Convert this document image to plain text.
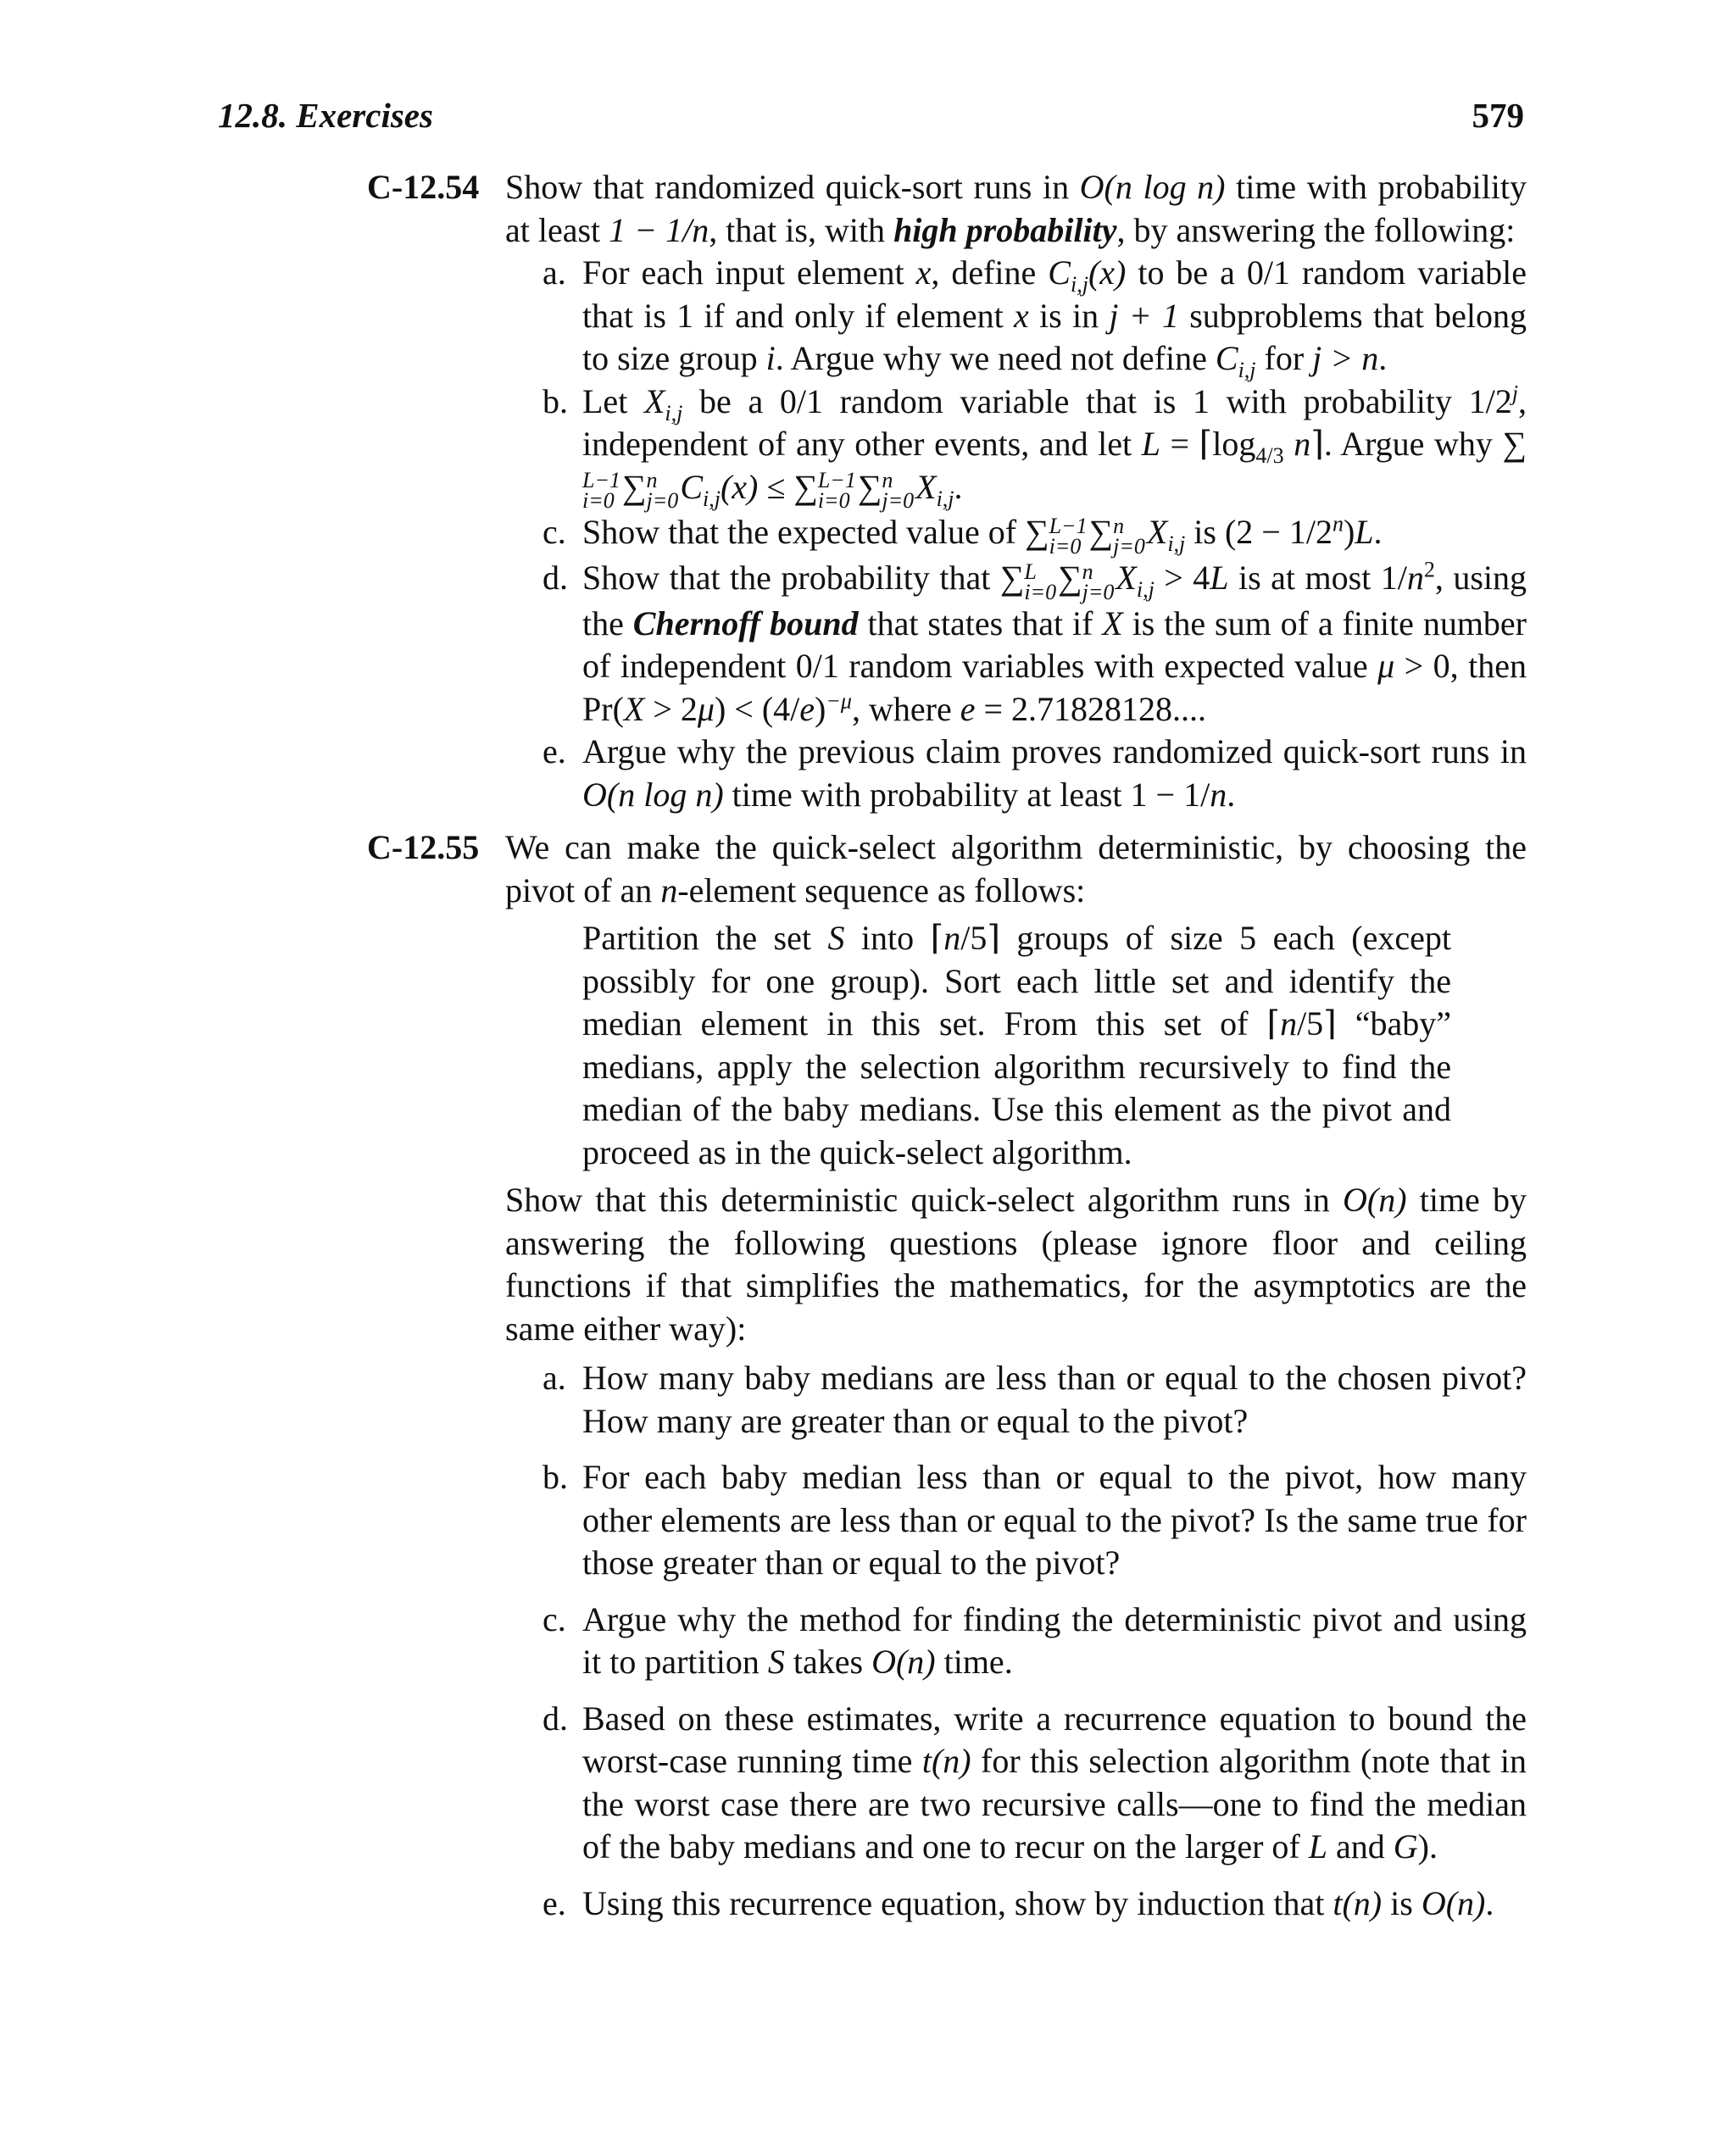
12.8. Exercises	579
C-12.54 Show that randomized quick-sort runs in O(n log n) time with probability at least 1 − 1/n, that is, with high probability, by answering the following:
a. For each input element x, define $C_{i,j}(x)$ to be a 0/1 random variable that is 1 if and only if element x is in j + 1 subproblems that belong to size group i. Argue why we need not define $C_{i,j}$ for j > n.
b. Let $X_{i,j}$ be a 0/1 random variable that is 1 with probability 1/2$^j$, independent of any other events, and let $L = ⌈\log_{4/3}$ n⌉. Argue why ∑
L−1
i=0 ∑ n
j=0 $C_{i,j}(x)$ ≤ ∑ L−1
i=0 ∑ n
j=0 $X_{i,j}$.
c. Show that the expected value of ∑ L−1
i=0 ∑ n
j=0 $X_{i,j}$ is $(2 - 1/2^n)L$.
d. Show that the probability that ∑ L
i=0 ∑ n
j=0 $X_{i,j} > 4L$ is at most $1/n^2$, using the Chernoff bound that states that if X is the sum of a finite number of independent 0/1 random variables with expected value μ > 0, then $Pr(X > 2\mu) < (4/e)^{-\mu}$, where e = 2.71828128....
e. Argue why the previous claim proves randomized quick-sort runs in O(n log n) time with probability at least 1 − 1/n.
C-12.55 We can make the quick-select algorithm deterministic, by choosing the pivot of an n-element sequence as follows:
Partition the set S into ⌈n/5⌉ groups of size 5 each (except possibly for one group). Sort each little set and identify the median element in this set. From this set of ⌈n/5⌉ “baby” medians, apply the selection algorithm recursively to find the median of the baby medians. Use this element as the pivot and proceed as in the quick-select algorithm.
Show that this deterministic quick-select algorithm runs in O(n) time by answering the following questions (please ignore floor and ceiling functions if that simplifies the mathematics, for the asymptotics are the same either way):
a. How many baby medians are less than or equal to the chosen pivot? How many are greater than or equal to the pivot?
b. For each baby median less than or equal to the pivot, how many other elements are less than or equal to the pivot? Is the same true for those greater than or equal to the pivot?
c. Argue why the method for finding the deterministic pivot and using it to partition S takes O(n) time.
d. Based on these estimates, write a recurrence equation to bound the worst-case running time t(n) for this selection algorithm (note that in the worst case there are two recursive calls—one to find the median of the baby medians and one to recur on the larger of L and G).
e. Using this recurrence equation, show by induction that t(n) is O(n).
